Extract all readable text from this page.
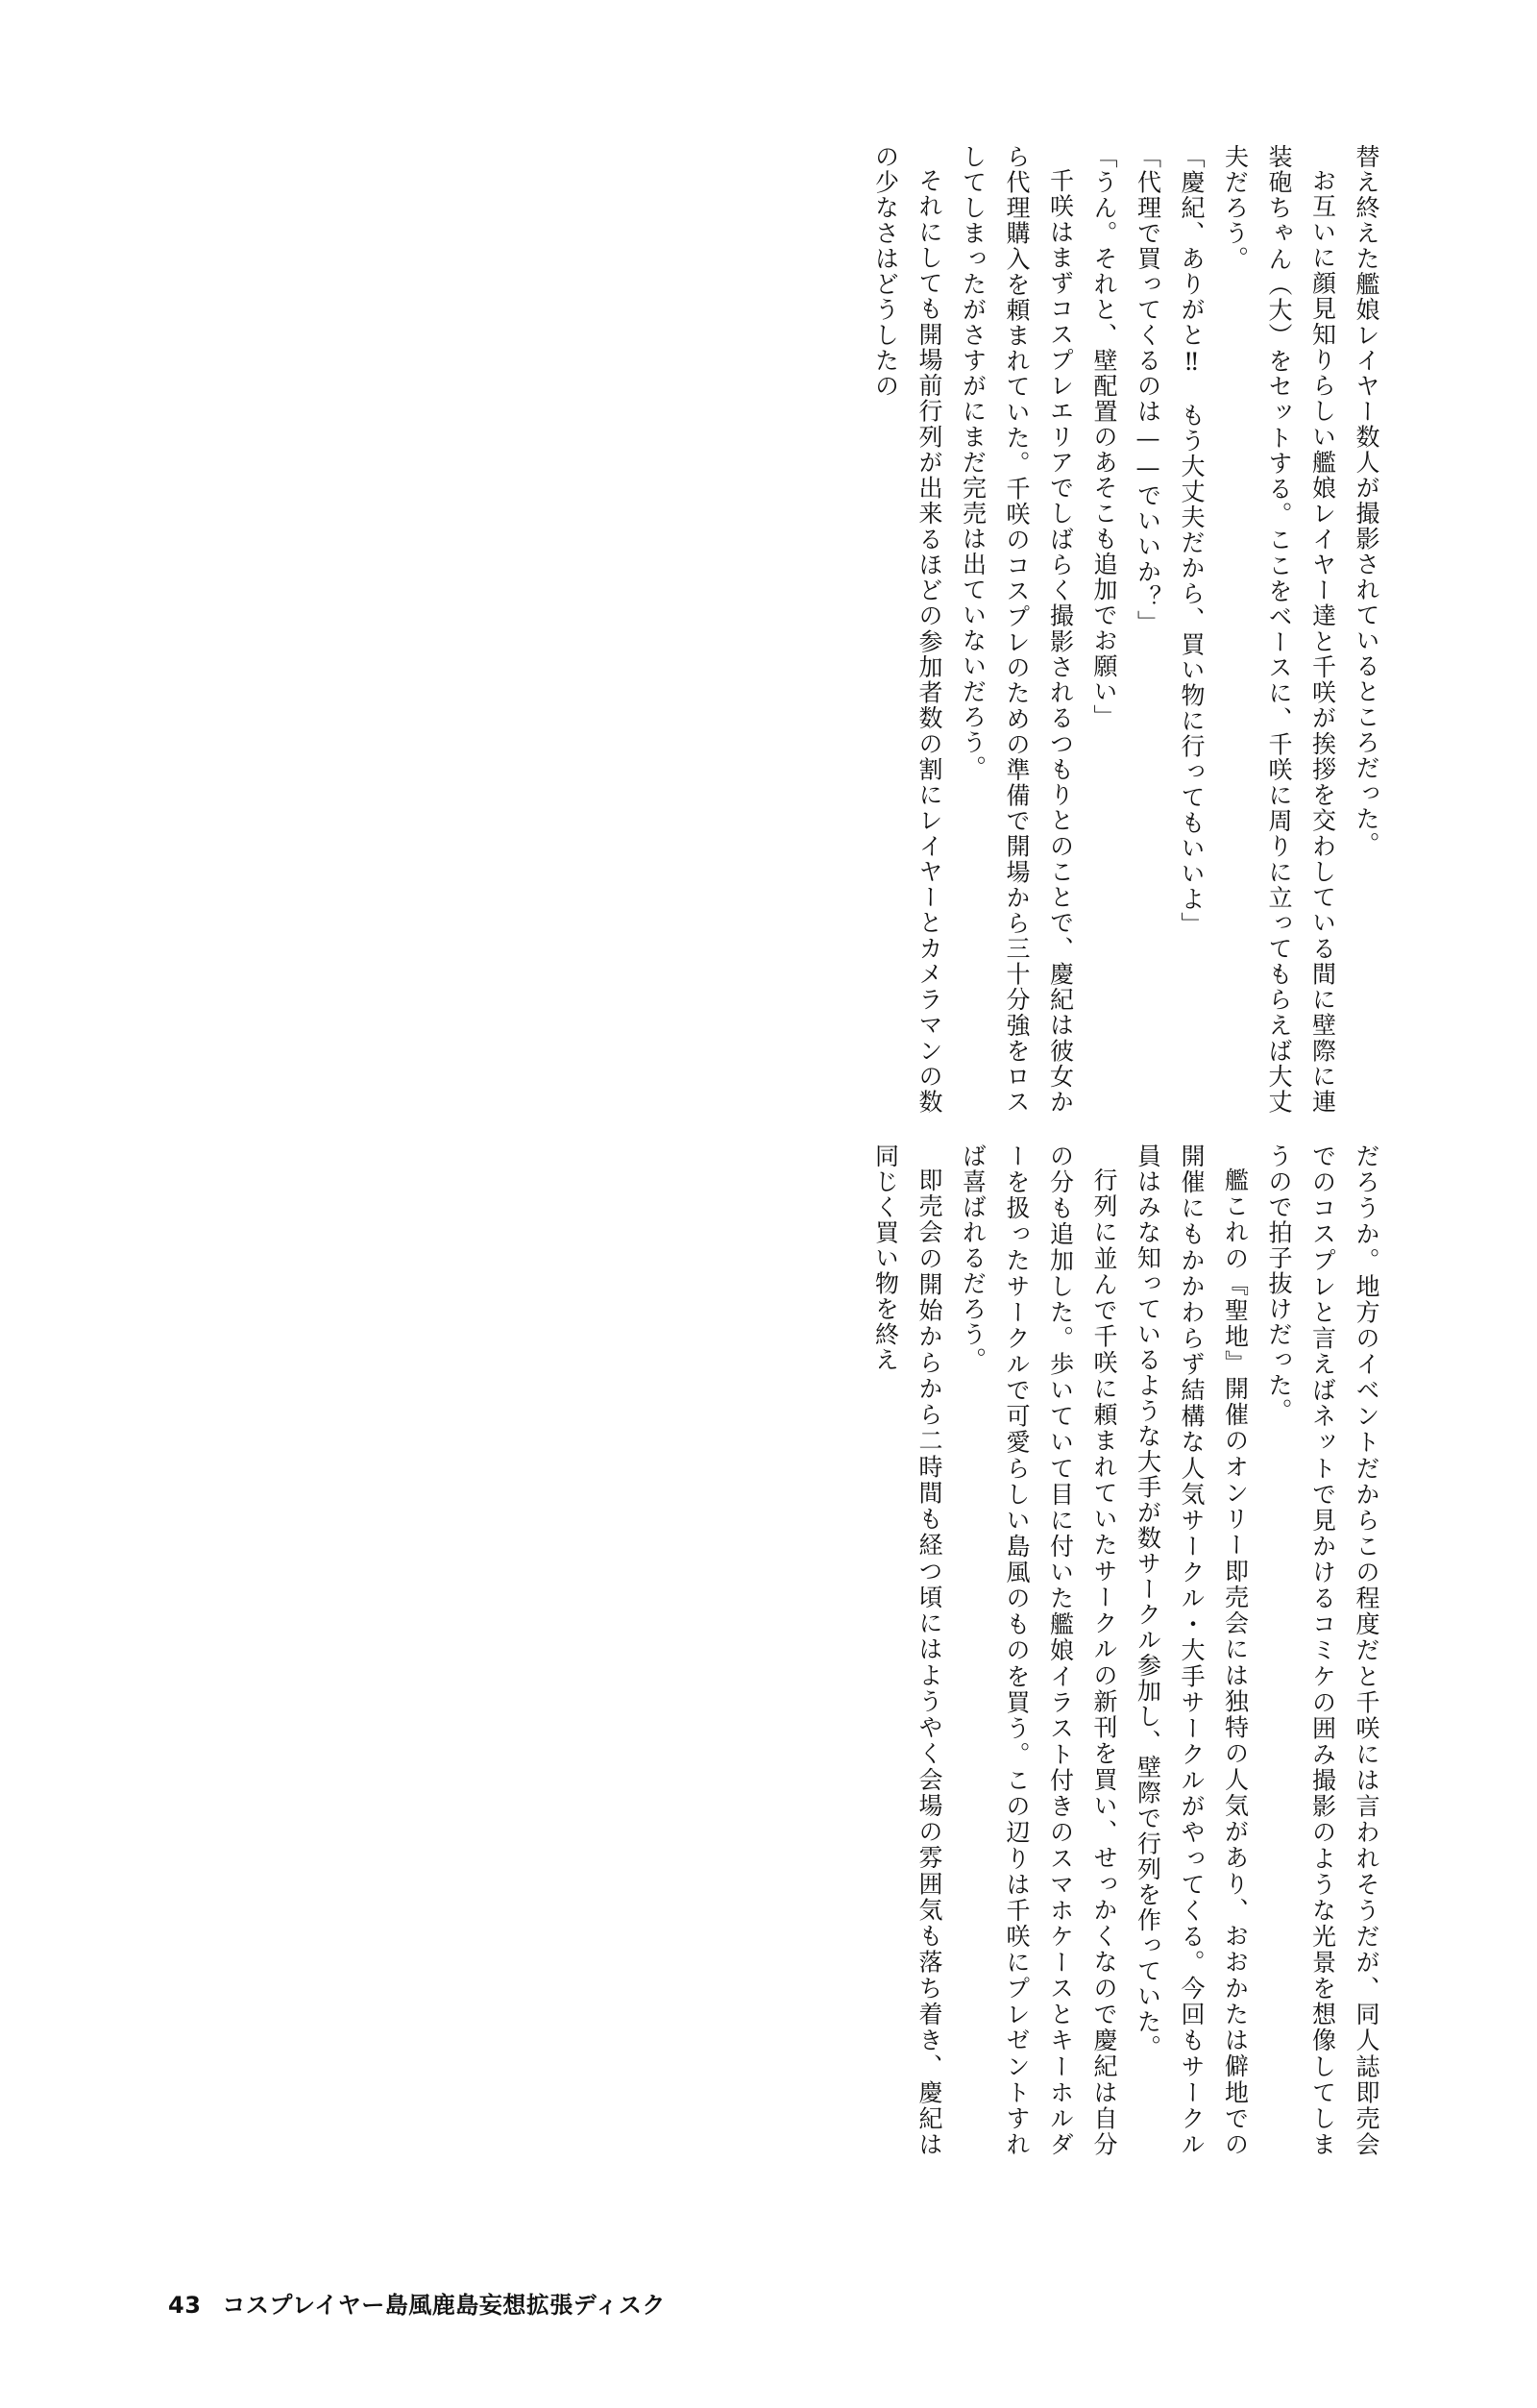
替え終えた艦娘レイヤー数人が撮影されているところだった。

お互いに顔見知りらしい艦娘レイヤー達と千咲が挨拶を交わしている間に壁際に連装砲ちゃん（大）をセットする。ここをベースに、千咲に周りに立ってもらえば大丈夫だろう。

「慶紀、ありがと‼　もう大丈夫だから、買い物に行ってもいいよ」

「代理で買ってくるのは——でいいか？」

「うん。それと、壁配置のあそこも追加でお願い」

千咲はまずコスプレエリアでしばらく撮影されるつもりとのことで、慶紀は彼女から代理購入を頼まれていた。千咲のコスプレのための準備で開場から三十分強をロスしてしまったがさすがにまだ完売は出ていないだろう。

それにしても開場前行列が出来るほどの参加者数の割にレイヤーとカメラマンの数の少なさはどうしたの

だろうか。地方のイベントだからこの程度だと千咲には言われそうだが、同人誌即売会でのコスプレと言えばネットで見かけるコミケの囲み撮影のような光景を想像してしまうので拍子抜けだった。

艦これの『聖地』開催のオンリー即売会には独特の人気があり、おおかたは僻地での開催にもかかわらず結構な人気サークル・大手サークルがやってくる。今回もサークル員はみな知っているような大手が数サークル参加し、壁際で行列を作っていた。

行列に並んで千咲に頼まれていたサークルの新刊を買い、せっかくなので慶紀は自分の分も追加した。歩いていて目に付いた艦娘イラスト付きのスマホケースとキーホルダーを扱ったサークルで可愛らしい島風のものを買う。この辺りは千咲にプレゼントすれば喜ばれるだろう。

即売会の開始からから二時間も経つ頃にはようやく会場の雰囲気も落ち着き、慶紀は同じく買い物を終え

43 コスプレイヤー島風鹿島妄想拡張ディスク
